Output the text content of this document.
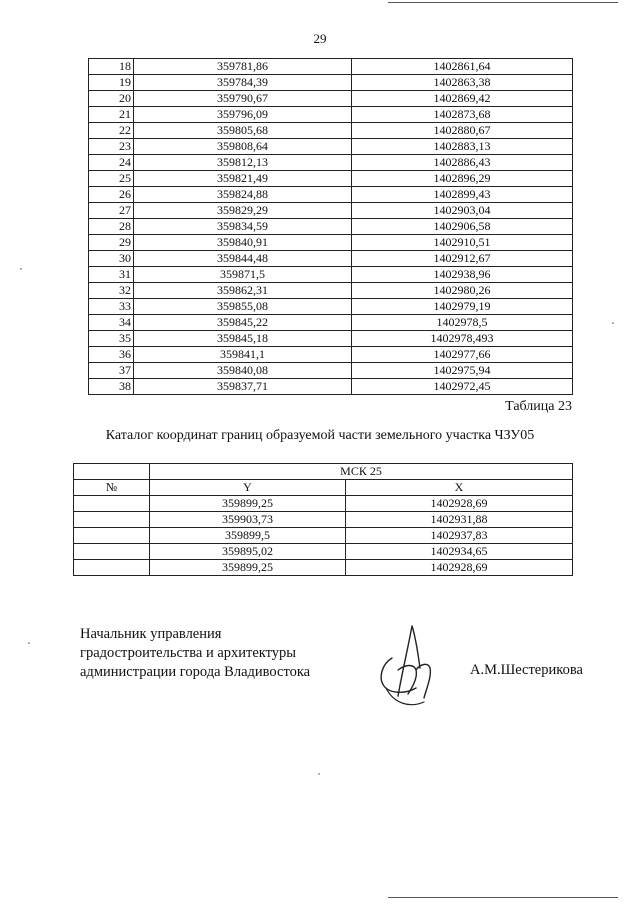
29
18	359781,86	1402861,64
19	359784,39	1402863,38
20	359790,67	1402869,42
21	359796,09	1402873,68
22	359805,68	1402880,67
23	359808,64	1402883,13
24	359812,13	1402886,43
25	359821,49	1402896,29
26	359824,88	1402899,43
27	359829,29	1402903,04
28	359834,59	1402906,58
29	359840,91	1402910,51
30	359844,48	1402912,67
31	359871,5	1402938,96
32	359862,31	1402980,26
33	359855,08	1402979,19
34	359845,22	1402978,5
35	359845,18	1402978,493
36	359841,1	1402977,66
37	359840,08	1402975,94
38	359837,71	1402972,45
Таблица 23
Каталог координат границ образуемой части земельного участка ЧЗУ05
	МСК 25	
№	Y	X
	359899,25	1402928,69
	359903,73	1402931,88
	359899,5	1402937,83
	359895,02	1402934,65
	359899,25	1402928,69
Начальник управления
градостроительства и архитектуры
администрации города Владивостока	А.М.Шестерикова
